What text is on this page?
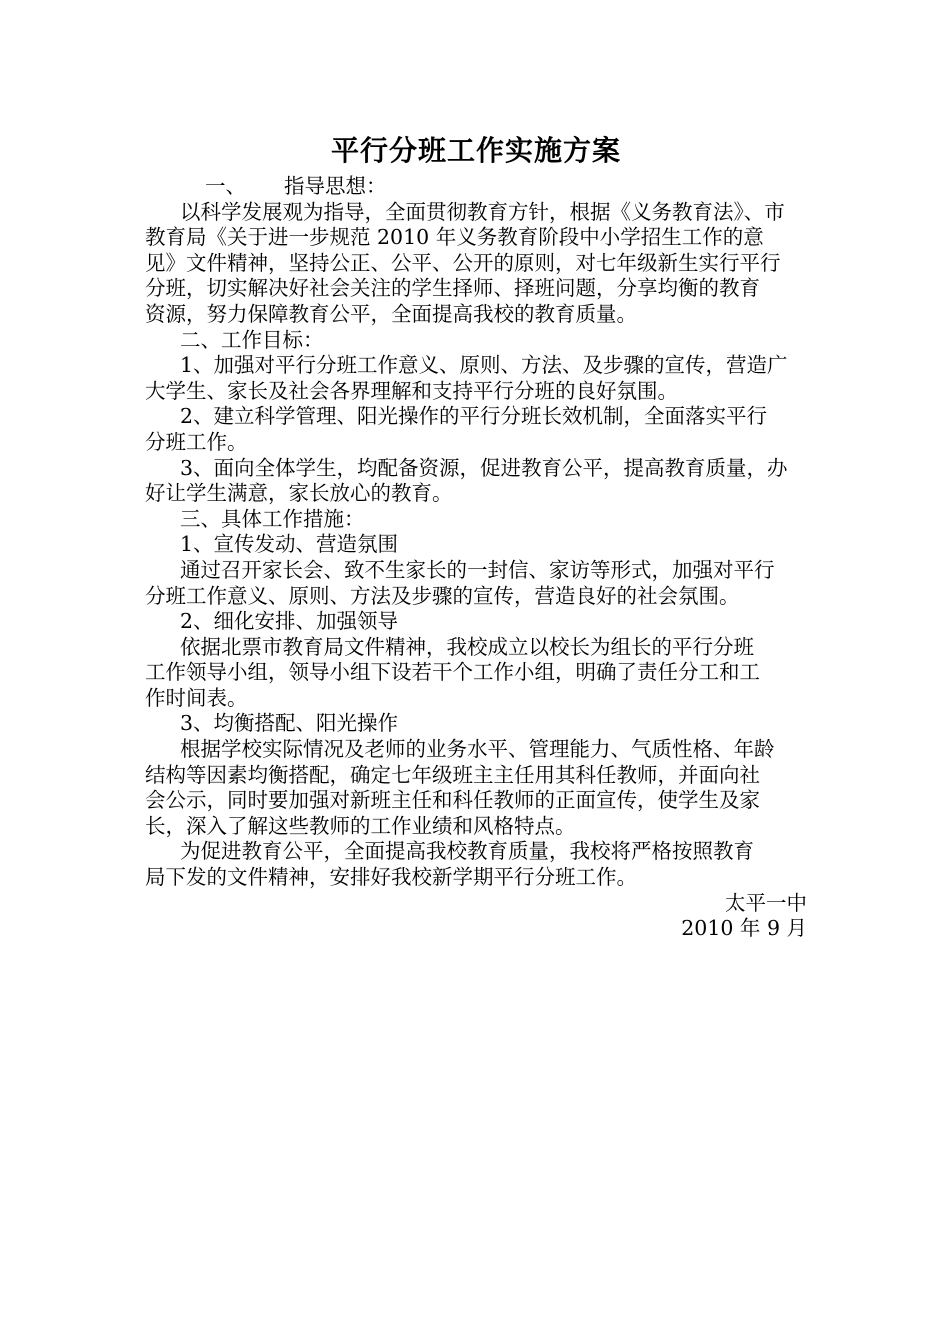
平行分班工作实施方案

一、 指导思想：

以科学发展观为指导，全面贯彻教育方针，根据《义务教育法》、市

教育局《关于进一步规范 2010 年义务教育阶段中小学招生工作的意

见》文件精神，坚持公正、公平、公开的原则，对七年级新生实行平行

分班，切实解决好社会关注的学生择师、择班问题，分享均衡的教育

资源，努力保障教育公平，全面提高我校的教育质量。

二、工作目标：

1、加强对平行分班工作意义、原则、方法、及步骤的宣传，营造广

大学生、家长及社会各界理解和支持平行分班的良好氛围。

2、建立科学管理、阳光操作的平行分班长效机制，全面落实平行

分班工作。

3、面向全体学生，均配备资源，促进教育公平，提高教育质量，办

好让学生满意，家长放心的教育。

三、具体工作措施：

1、宣传发动、营造氛围

通过召开家长会、致不生家长的一封信、家访等形式，加强对平行

分班工作意义、原则、方法及步骤的宣传，营造良好的社会氛围。

2、细化安排、加强领导

依据北票市教育局文件精神，我校成立以校长为组长的平行分班

工作领导小组，领导小组下设若干个工作小组，明确了责任分工和工

作时间表。

3、均衡搭配、阳光操作

根据学校实际情况及老师的业务水平、管理能力、气质性格、年龄

结构等因素均衡搭配，确定七年级班主主任用其科任教师，并面向社

会公示，同时要加强对新班主任和科任教师的正面宣传，使学生及家

长，深入了解这些教师的工作业绩和风格特点。

为促进教育公平，全面提高我校教育质量，我校将严格按照教育

局下发的文件精神，安排好我校新学期平行分班工作。

太平一中

2010 年 9 月
